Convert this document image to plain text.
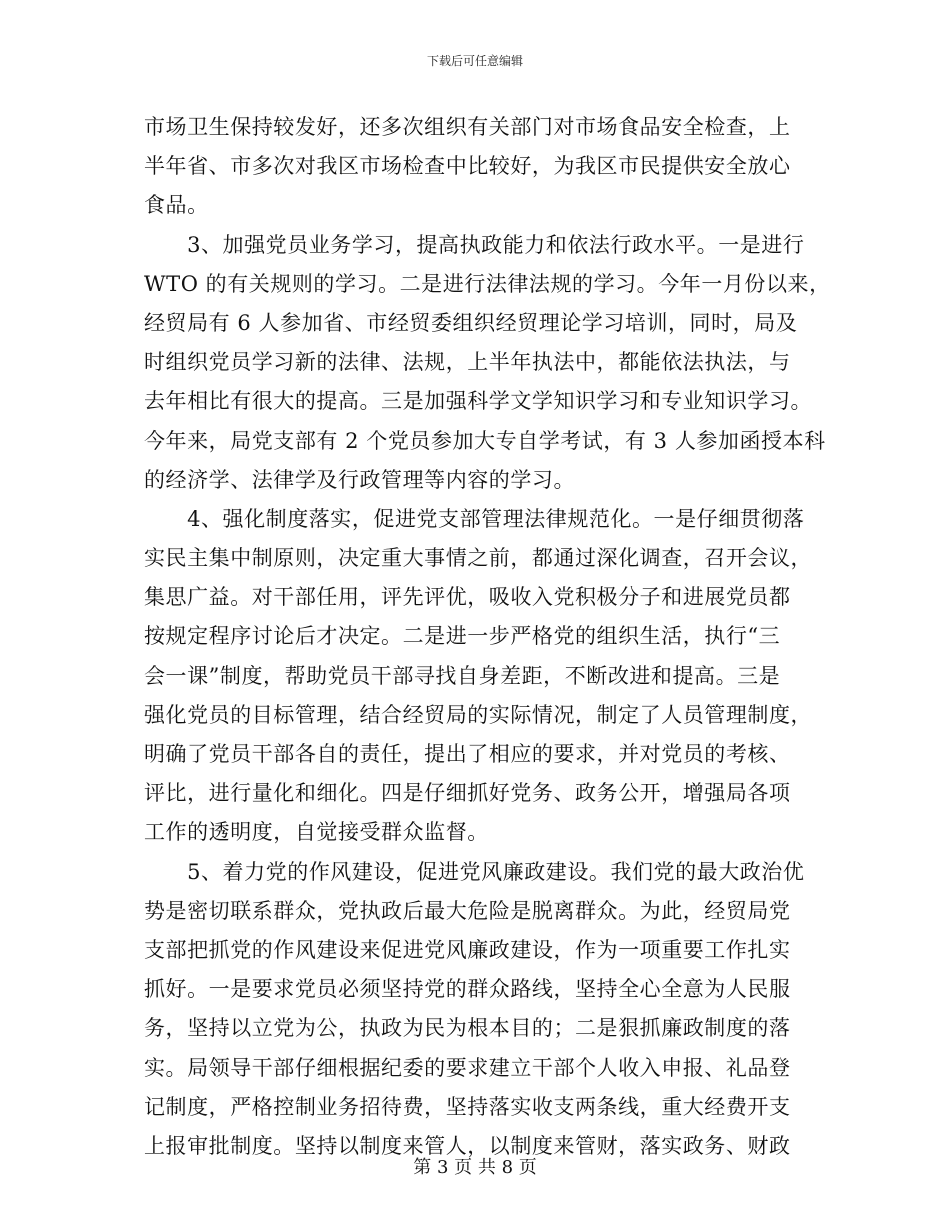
下载后可任意编辑
市场卫生保持较发好，还多次组织有关部门对市场食品安全检查，上
半年省、市多次对我区市场检查中比较好，为我区市民提供安全放心
食品。
　　3、加强党员业务学习，提高执政能力和依法行政水平。一是进行
WTO 的有关规则的学习。二是进行法律法规的学习。今年一月份以来，
经贸局有 6 人参加省、市经贸委组织经贸理论学习培训，同时，局及
时组织党员学习新的法律、法规，上半年执法中，都能依法执法，与
去年相比有很大的提高。三是加强科学文学知识学习和专业知识学习。
今年来，局党支部有 2 个党员参加大专自学考试，有 3 人参加函授本科
的经济学、法律学及行政管理等内容的学习。
　　4、强化制度落实，促进党支部管理法律规范化。一是仔细贯彻落
实民主集中制原则，决定重大事情之前，都通过深化调查，召开会议，
集思广益。对干部任用，评先评优，吸收入党积极分子和进展党员都
按规定程序讨论后才决定。二是进一步严格党的组织生活，执行“三
会一课”制度，帮助党员干部寻找自身差距，不断改进和提高。三是
强化党员的目标管理，结合经贸局的实际情况，制定了人员管理制度，
明确了党员干部各自的责任，提出了相应的要求，并对党员的考核、
评比，进行量化和细化。四是仔细抓好党务、政务公开，增强局各项
工作的透明度，自觉接受群众监督。
　　5、着力党的作风建设，促进党风廉政建设。我们党的最大政治优
势是密切联系群众，党执政后最大危险是脱离群众。为此，经贸局党
支部把抓党的作风建设来促进党风廉政建设，作为一项重要工作扎实
抓好。一是要求党员必须坚持党的群众路线，坚持全心全意为人民服
务，坚持以立党为公，执政为民为根本目的；二是狠抓廉政制度的落
实。局领导干部仔细根据纪委的要求建立干部个人收入申报、礼品登
记制度，严格控制业务招待费，坚持落实收支两条线，重大经费开支
上报审批制度。坚持以制度来管人，以制度来管财，落实政务、财政
第 3 页 共 8 页
